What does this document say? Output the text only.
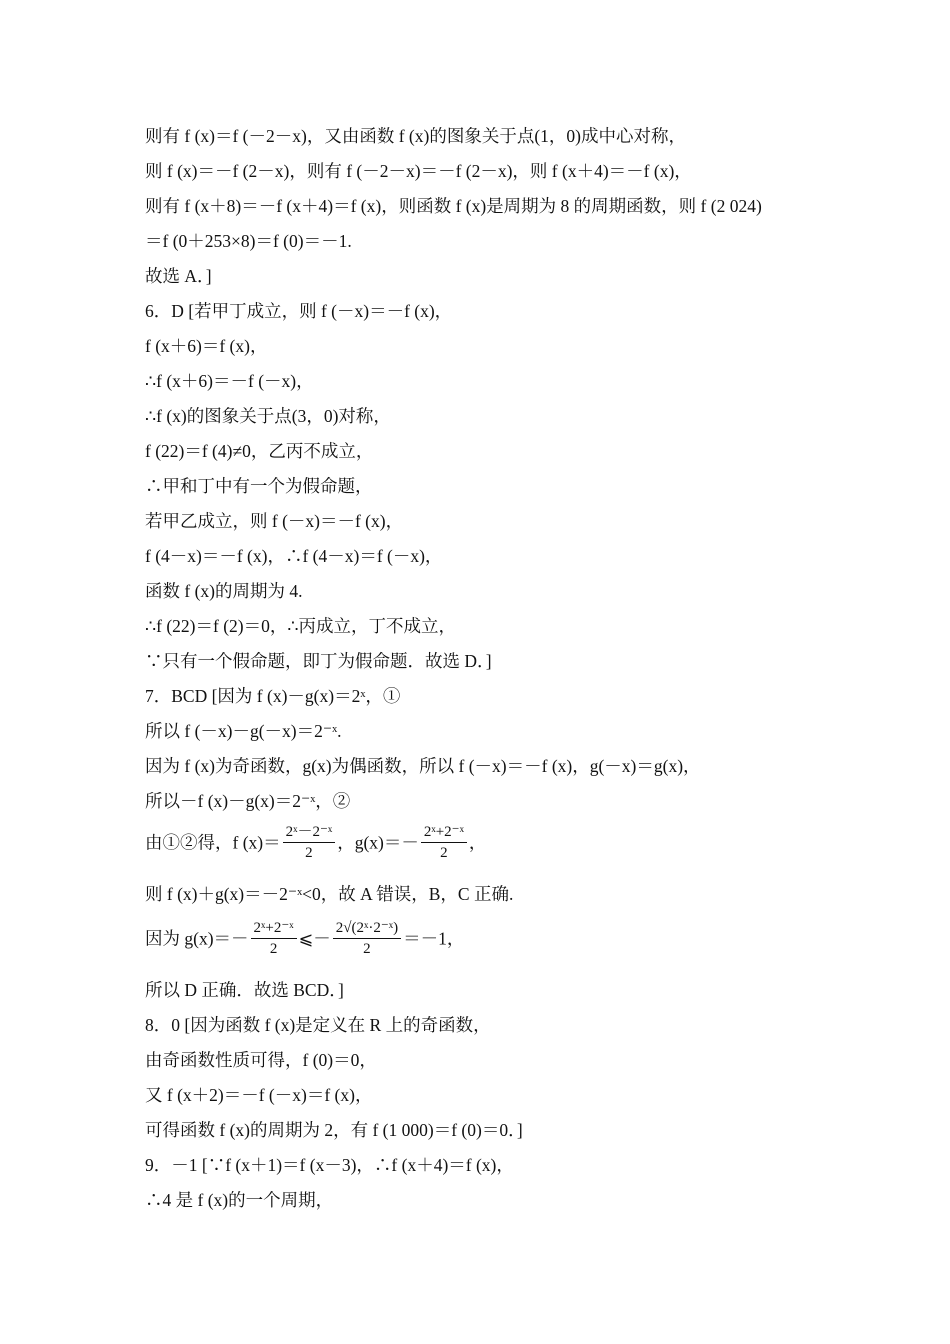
则有 f (x)＝f (－2－x)，又由函数 f (x)的图象关于点(1，0)成中心对称，
则 f (x)＝－f (2－x)，则有 f (－2－x)＝－f (2－x)，则 f (x＋4)＝－f (x)，
则有 f (x＋8)＝－f (x＋4)＝f (x)，则函数 f (x)是周期为 8 的周期函数，则 f (2 024)
＝f (0＋253×8)＝f (0)＝－1.
故选 A．]
6．D [若甲丁成立，则 f (－x)＝－f (x)，
f (x＋6)＝f (x)，
∴f (x＋6)＝－f (－x)，
∴f (x)的图象关于点(3，0)对称，
f (22)＝f (4)≠0，乙丙不成立，
∴甲和丁中有一个为假命题，
若甲乙成立，则 f (－x)＝－f (x)，
f (4－x)＝－f (x)，∴f (4－x)＝f (－x)，
函数 f (x)的周期为 4.
∴f (22)＝f (2)＝0，∴丙成立，丁不成立，
∵只有一个假命题，即丁为假命题．故选 D．]
7．BCD [因为 f (x)－g(x)＝2ˣ，①
所以 f (－x)－g(－x)＝2⁻ˣ.
因为 f (x)为奇函数，g(x)为偶函数，所以 f (－x)＝－f (x)，g(－x)＝g(x)，
所以－f (x)－g(x)＝2⁻ˣ，②
由①②得，f $(x)= \frac{\text{2ˣ－2⁻ˣ}}{2}$ ，$g(x)=- \frac{\text{2ˣ+2⁻ˣ}}{2}$ ，
则 f (x)＋g(x)＝－2⁻ˣ<0，故 A 错误，B，C 正确.
因为 $g(x)=- \frac{\text{2ˣ+2⁻ˣ}}{2}$ ⩽－ $\frac{\text{2√(2ˣ·2⁻ˣ)}}{2} =-1$，
所以 D 正确．故选 BCD．]
8．0 [因为函数 f (x)是定义在 R 上的奇函数，
由奇函数性质可得，f (0)＝0，
又 f (x＋2)＝－f (－x)＝f (x)，
可得函数 f (x)的周期为 2，有 f (1 000)＝f (0)＝0．]
9．－1 [∵f (x＋1)＝f (x－3)，∴f (x＋4)＝f (x)，
∴4 是 f (x)的一个周期，
